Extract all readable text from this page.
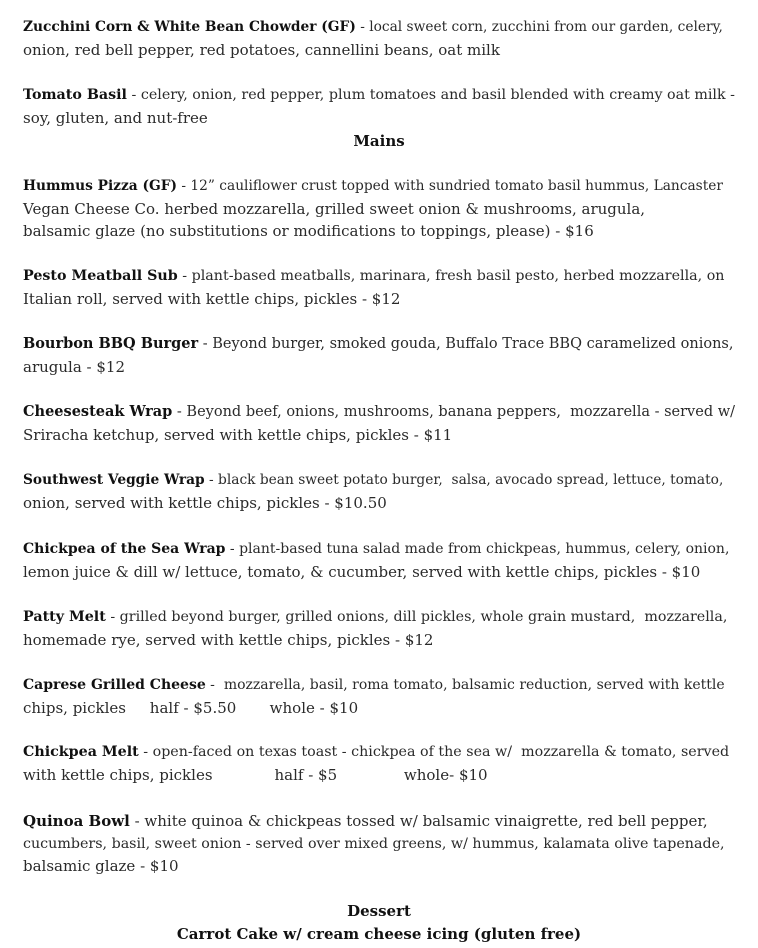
Zucchini Corn & White Bean Chowder (GF) - local sweet corn, zucchini from our garden, celery,
onion, red bell pepper, red potatoes, cannellini beans, oat milk
Tomato Basil - celery, onion, red pepper, plum tomatoes and basil blended with creamy oat milk -
soy, gluten, and nut-free
Mains
Hummus Pizza (GF) - 12” cauliflower crust topped with sundried tomato basil hummus, Lancaster
Vegan Cheese Co. herbed mozzarella, grilled sweet onion & mushrooms, arugula,
balsamic glaze (no substitutions or modifications to toppings, please) - $16
Pesto Meatball Sub - plant-based meatballs, marinara, fresh basil pesto, herbed mozzarella, on
Italian roll, served with kettle chips, pickles - $12
Bourbon BBQ Burger - Beyond burger, smoked gouda, Buffalo Trace BBQ caramelized onions,
arugula - $12
Cheesesteak Wrap - Beyond beef, onions, mushrooms, banana peppers,  mozzarella - served w/
Sriracha ketchup, served with kettle chips, pickles - $11
Southwest Veggie Wrap - black bean sweet potato burger,  salsa, avocado spread, lettuce, tomato,
onion, served with kettle chips, pickles - $10.50
Chickpea of the Sea Wrap - plant-based tuna salad made from chickpeas, hummus, celery, onion,
lemon juice & dill w/ lettuce, tomato, & cucumber, served with kettle chips, pickles - $10
Patty Melt - grilled beyond burger, grilled onions, dill pickles, whole grain mustard,  mozzarella,
homemade rye, served with kettle chips, pickles - $12
Caprese Grilled Cheese -  mozzarella, basil, roma tomato, balsamic reduction, served with kettle
chips, pickles     half - $5.50       whole - $10
Chickpea Melt - open-faced on texas toast - chickpea of the sea w/  mozzarella & tomato, served
with kettle chips, pickles             half - $5              whole- $10
Quinoa Bowl - white quinoa & chickpeas tossed w/ balsamic vinaigrette, red bell pepper,
cucumbers, basil, sweet onion - served over mixed greens, w/ hummus, kalamata olive tapenade,
balsamic glaze - $10
Dessert

Carrot Cake w/ cream cheese icing (gluten free)
